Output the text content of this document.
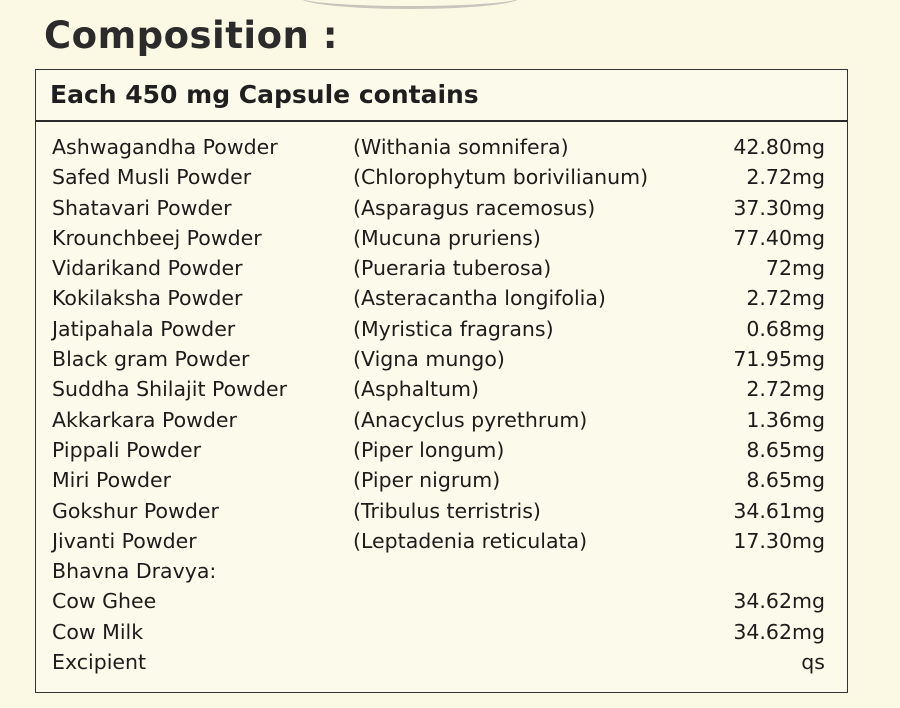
Composition :
Each 450 mg Capsule contains
Ashwagandha Powder	(Withania somnifera)	42.80mg
Safed Musli Powder	(Chlorophytum borivilianum)	2.72mg
Shatavari Powder	(Asparagus racemosus)	37.30mg
Krounchbeej Powder	(Mucuna pruriens)	77.40mg
Vidarikand Powder	(Pueraria tuberosa)	72mg
Kokilaksha Powder	(Asteracantha longifolia)	2.72mg
Jatipahala Powder	(Myristica fragrans)	0.68mg
Black gram Powder	(Vigna mungo)	71.95mg
Suddha Shilajit Powder	(Asphaltum)	2.72mg
Akkarkara Powder	(Anacyclus pyrethrum)	1.36mg
Pippali Powder	(Piper longum)	8.65mg
Miri Powder	(Piper nigrum)	8.65mg
Gokshur Powder	(Tribulus terristris)	34.61mg
Jivanti Powder	(Leptadenia reticulata)	17.30mg
Bhavna Dravya:
Cow Ghee	34.62mg
Cow Milk	34.62mg
Excipient	qs
